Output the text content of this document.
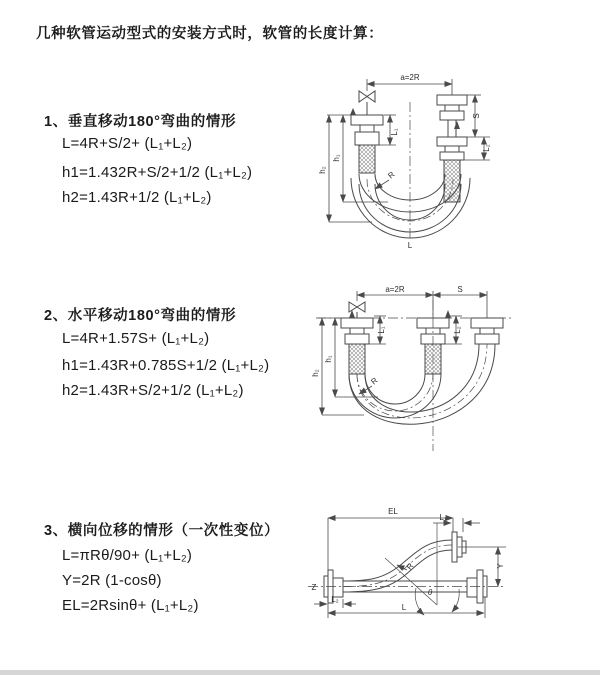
几种软管运动型式的安装方式时，软管的长度计算：
1、垂直移动180°弯曲的情形
L=4R+S/2+ (L₁+L₂)
h1=1.432R+S/2+1/2 (L₁+L₂)
h2=1.43R+1/2 (L₁+L₂)
2、水平移动180°弯曲的情形
L=4R+1.57S+ (L₁+L₂)
h1=1.43R+0.785S+1/2 (L₁+L₂)
h2=1.43R+S/2+1/2 (L₁+L₂)
3、横向位移的情形（一次性变位）
L=πRθ/90+ (L₁+L₂)
Y=2R (1-cosθ)
EL=2Rsinθ+ (L₁+L₂)
a=2R
L₁
S
L₂
h₁
h₂	R
L
a=2R	S
L₁	L₂
h₁
h₂
R
EL
L₁
Y
L
L₂
θ
R
Z
